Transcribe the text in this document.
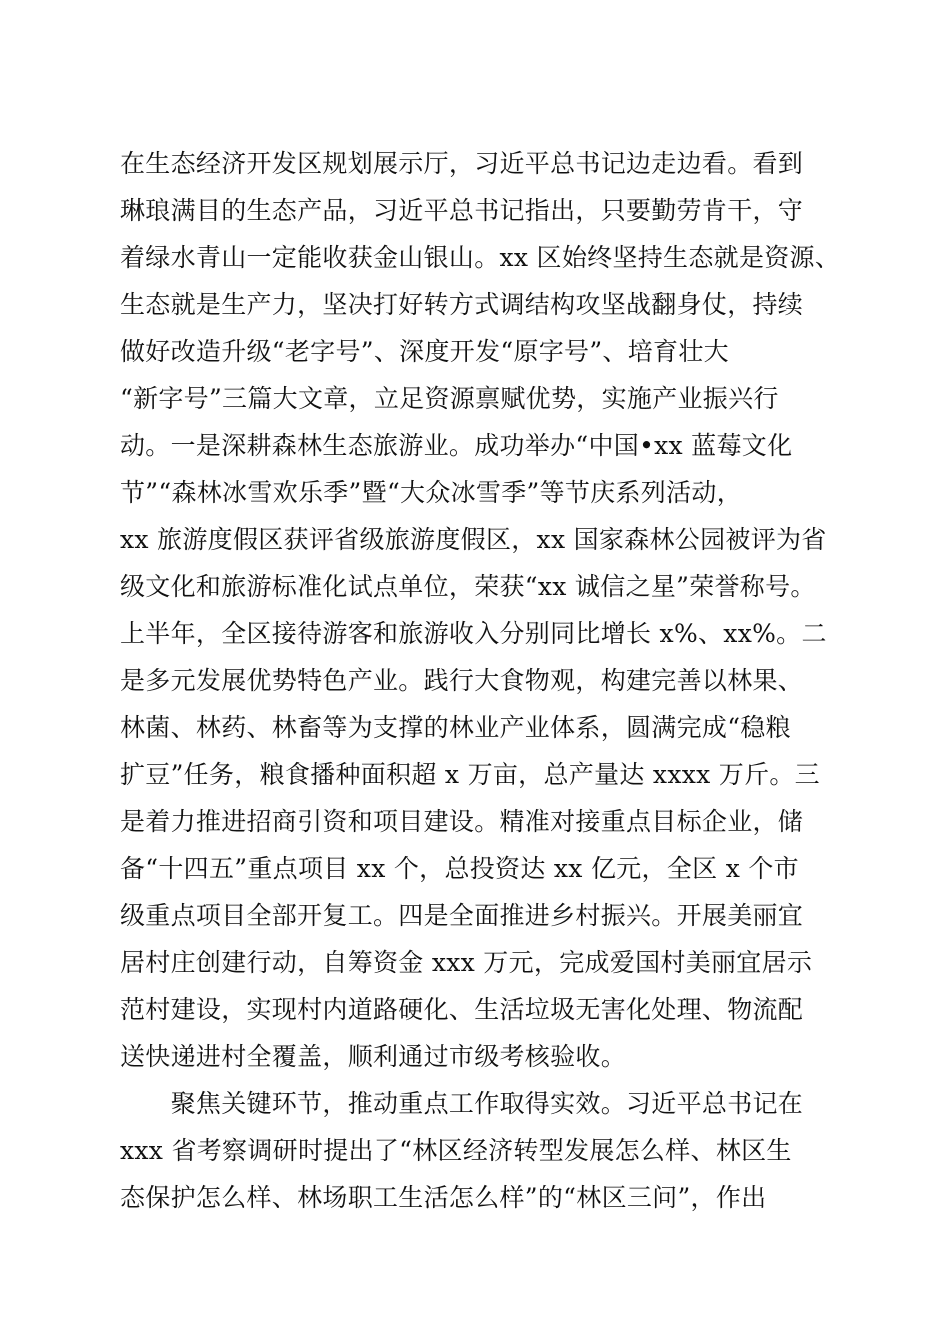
在生态经济开发区规划展示厅，习近平总书记边走边看。看到
琳琅满目的生态产品，习近平总书记指出，只要勤劳肯干，守
着绿水青山一定能收获金山银山。xx 区始终坚持生态就是资源、
生态就是生产力，坚决打好转方式调结构攻坚战翻身仗，持续
做好改造升级“老字号”、深度开发“原字号”、培育壮大
“新字号”三篇大文章，立足资源禀赋优势，实施产业振兴行
动。一是深耕森林生态旅游业。成功举办“中国•xx 蓝莓文化
节”“森林冰雪欢乐季”暨“大众冰雪季”等节庆系列活动，
xx 旅游度假区获评省级旅游度假区，xx 国家森林公园被评为省
级文化和旅游标准化试点单位，荣获“xx 诚信之星”荣誉称号。
上半年，全区接待游客和旅游收入分别同比增长 x%、xx%。二
是多元发展优势特色产业。践行大食物观，构建完善以林果、
林菌、林药、林畜等为支撑的林业产业体系，圆满完成“稳粮
扩豆”任务，粮食播种面积超 x 万亩，总产量达 xxxx 万斤。三
是着力推进招商引资和项目建设。精准对接重点目标企业，储
备“十四五”重点项目 xx 个，总投资达 xx 亿元，全区 x 个市
级重点项目全部开复工。四是全面推进乡村振兴。开展美丽宜
居村庄创建行动，自筹资金 xxx 万元，完成爱国村美丽宜居示
范村建设，实现村内道路硬化、生活垃圾无害化处理、物流配
送快递进村全覆盖，顺利通过市级考核验收。
　　聚焦关键环节，推动重点工作取得实效。习近平总书记在
xxx 省考察调研时提出了“林区经济转型发展怎么样、林区生
态保护怎么样、林场职工生活怎么样”的“林区三问”，作出
